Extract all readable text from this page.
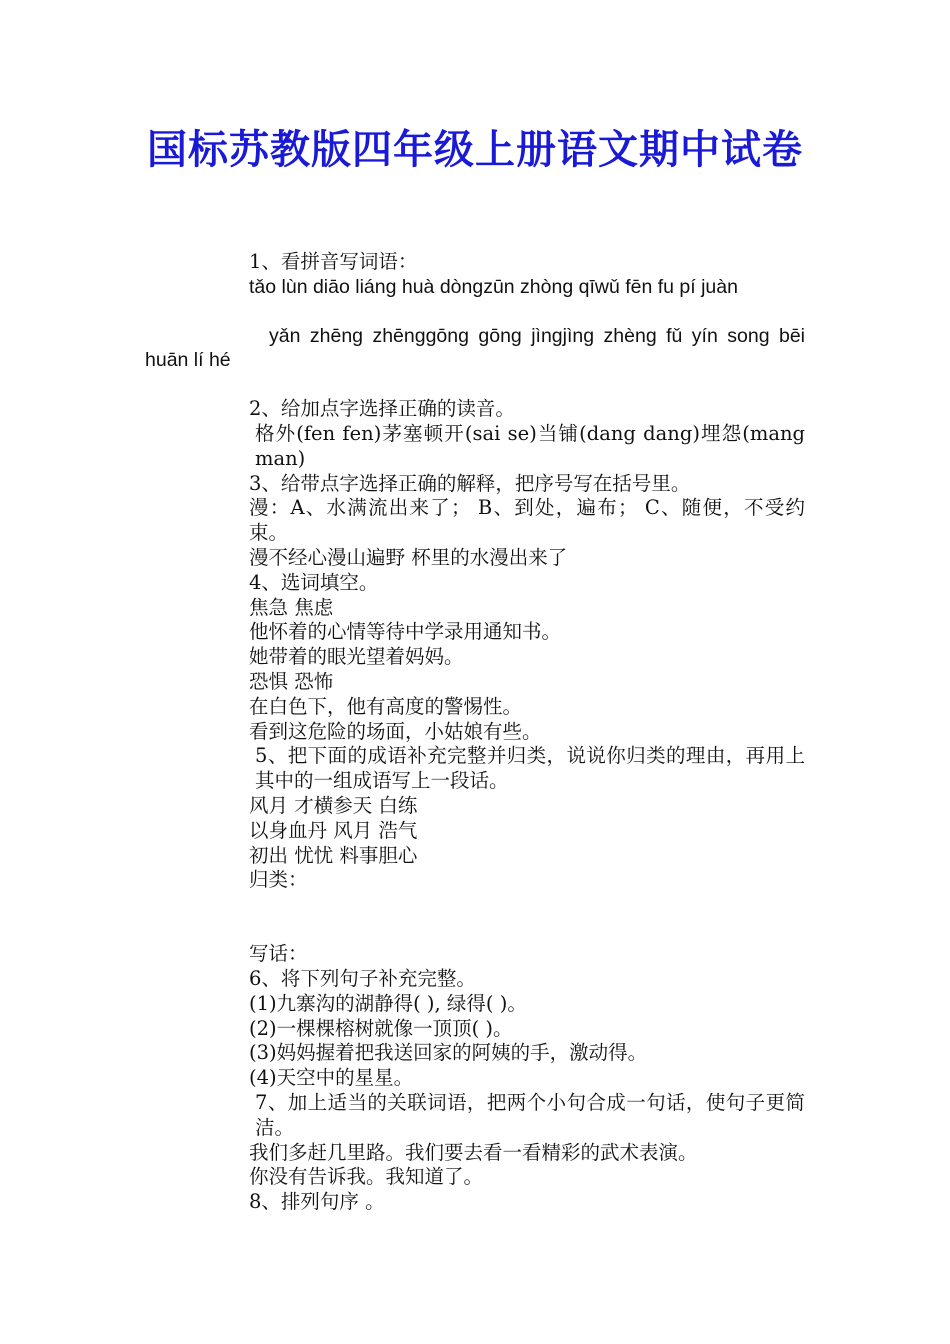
国标苏教版四年级上册语文期中试卷

1、看拼音写词语：

tǎo lùn diāo liáng huà dòngzūn zhòng qīwǔ fēn fu pí juàn

yǎn zhēng zhēnggōng gōng jìngjìng zhèng fǔ yín song bēi

huān lí hé

2、给加点字选择正确的读音。

格外(fen fen)茅塞顿开(sai se)当铺(dang dang)埋怨(mang man)

3、给带点字选择正确的解释，把序号写在括号里。

漫：A、水满流出来了； B、到处，遍布； C、随便，不受约束。

漫不经心漫山遍野 杯里的水漫出来了

4、选词填空。

焦急 焦虑

他怀着的心情等待中学录用通知书。

她带着的眼光望着妈妈。

恐惧 恐怖

在白色下，他有高度的警惕性。

看到这危险的场面，小姑娘有些。

5、把下面的成语补充完整并归类，说说你归类的理由，再用上其中的一组成语写上一段话。

风月 才横参天 白练

以身血丹 风月 浩气

初出 忧忧 料事胆心

归类：

写话：

6、将下列句子补充完整。

(1)九寨沟的湖静得( ), 绿得( )。

(2)一棵棵榕树就像一顶顶( )。

(3)妈妈握着把我送回家的阿姨的手，激动得。

(4)天空中的星星。

7、加上适当的关联词语，把两个小句合成一句话，使句子更简洁。

我们多赶几里路。我们要去看一看精彩的武术表演。

你没有告诉我。我知道了。

8、排列句序 。
